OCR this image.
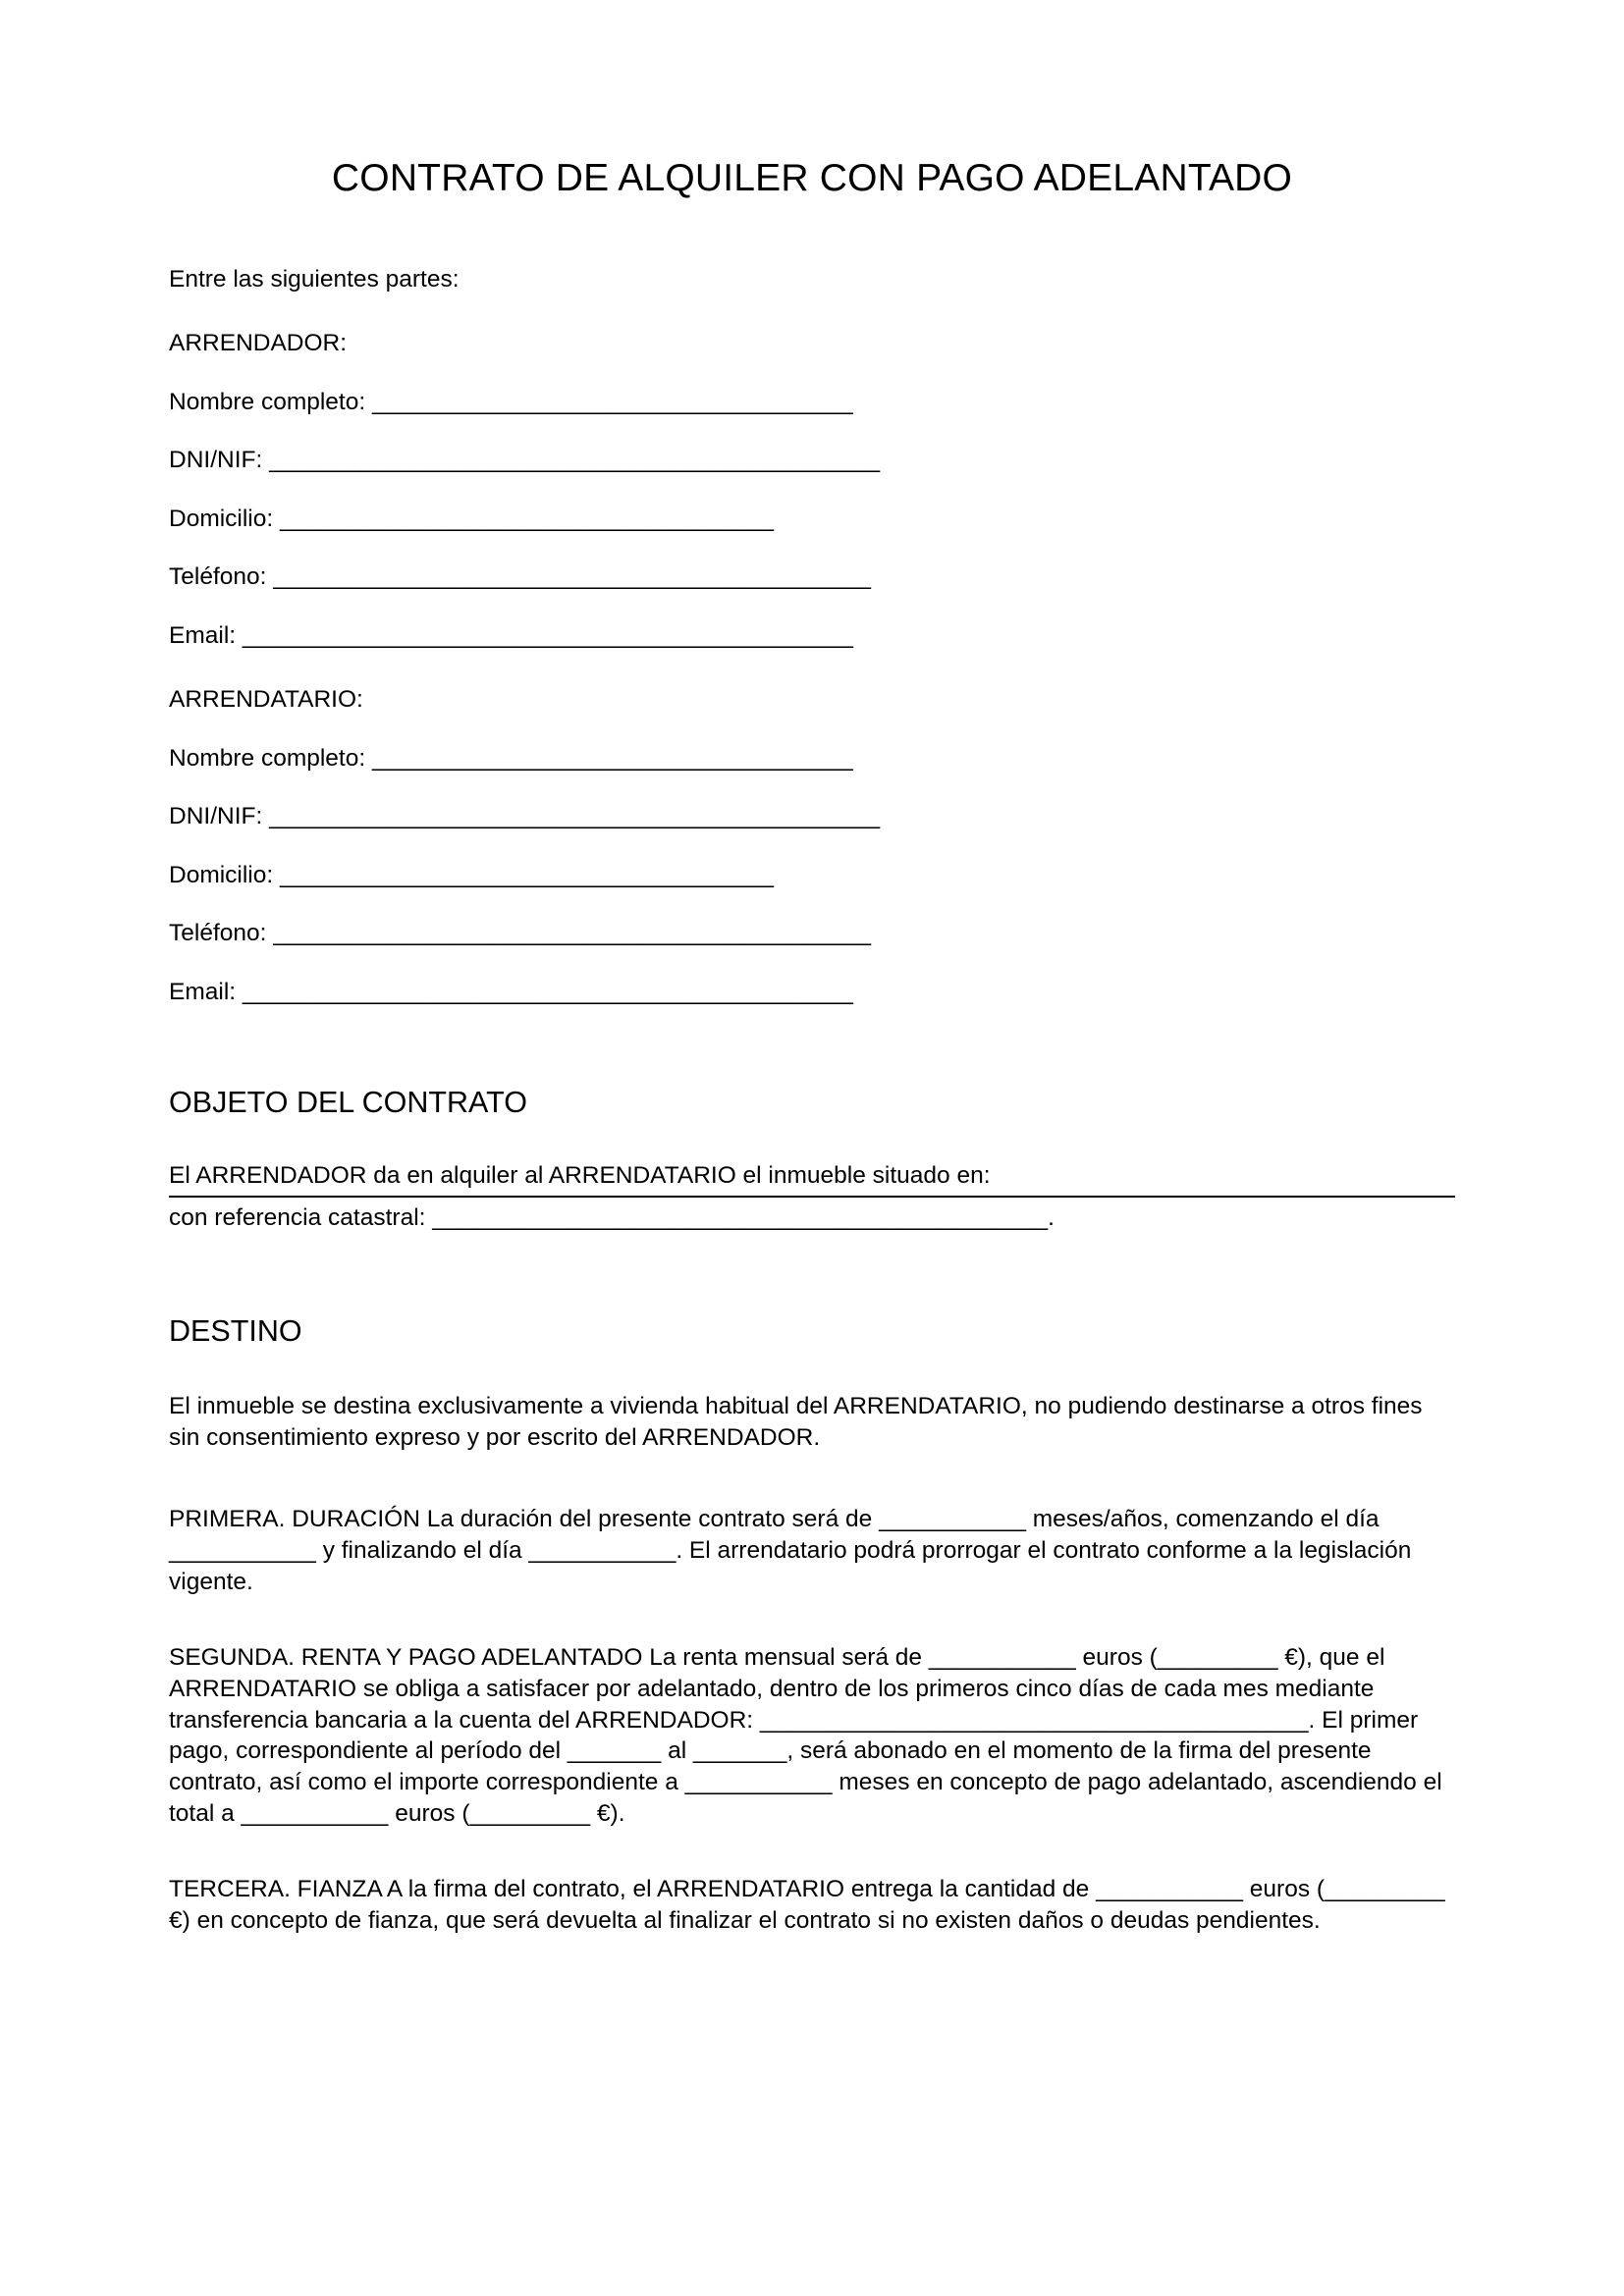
CONTRATO DE ALQUILER CON PAGO ADELANTADO
Entre las siguientes partes:
ARRENDADOR:
Nombre completo: _____________________________________
DNI/NIF: _______________________________________________
Domicilio: ______________________________________
Teléfono: ______________________________________________
Email: _______________________________________________
ARRENDATARIO:
Nombre completo: _____________________________________
DNI/NIF: _______________________________________________
Domicilio: ______________________________________
Teléfono: ______________________________________________
Email: _______________________________________________
OBJETO DEL CONTRATO

El ARRENDADOR da en alquiler al ARRENDATARIO el inmueble situado en:

con referencia catastral: ______________________________________________.
DESTINO

El inmueble se destina exclusivamente a vivienda habitual del ARRENDATARIO, no pudiendo destinarse a otros fines sin consentimiento expreso y por escrito del ARRENDADOR.

PRIMERA. DURACIÓN La duración del presente contrato será de ___________ meses/años, comenzando el día ___________ y finalizando el día ___________. El arrendatario podrá prorrogar el contrato conforme a la legislación vigente.

SEGUNDA. RENTA Y PAGO ADELANTADO La renta mensual será de ___________ euros (_________ €), que el ARRENDATARIO se obliga a satisfacer por adelantado, dentro de los primeros cinco días de cada mes mediante transferencia bancaria a la cuenta del ARRENDADOR: _________________________________________. El primer pago, correspondiente al período del _______ al _______, será abonado en el momento de la firma del presente contrato, así como el importe correspondiente a ___________ meses en concepto de pago adelantado, ascendiendo el total a ___________ euros (_________ €).

TERCERA. FIANZA A la firma del contrato, el ARRENDATARIO entrega la cantidad de ___________ euros (_________ €) en concepto de fianza, que será devuelta al finalizar el contrato si no existen daños o deudas pendientes.
